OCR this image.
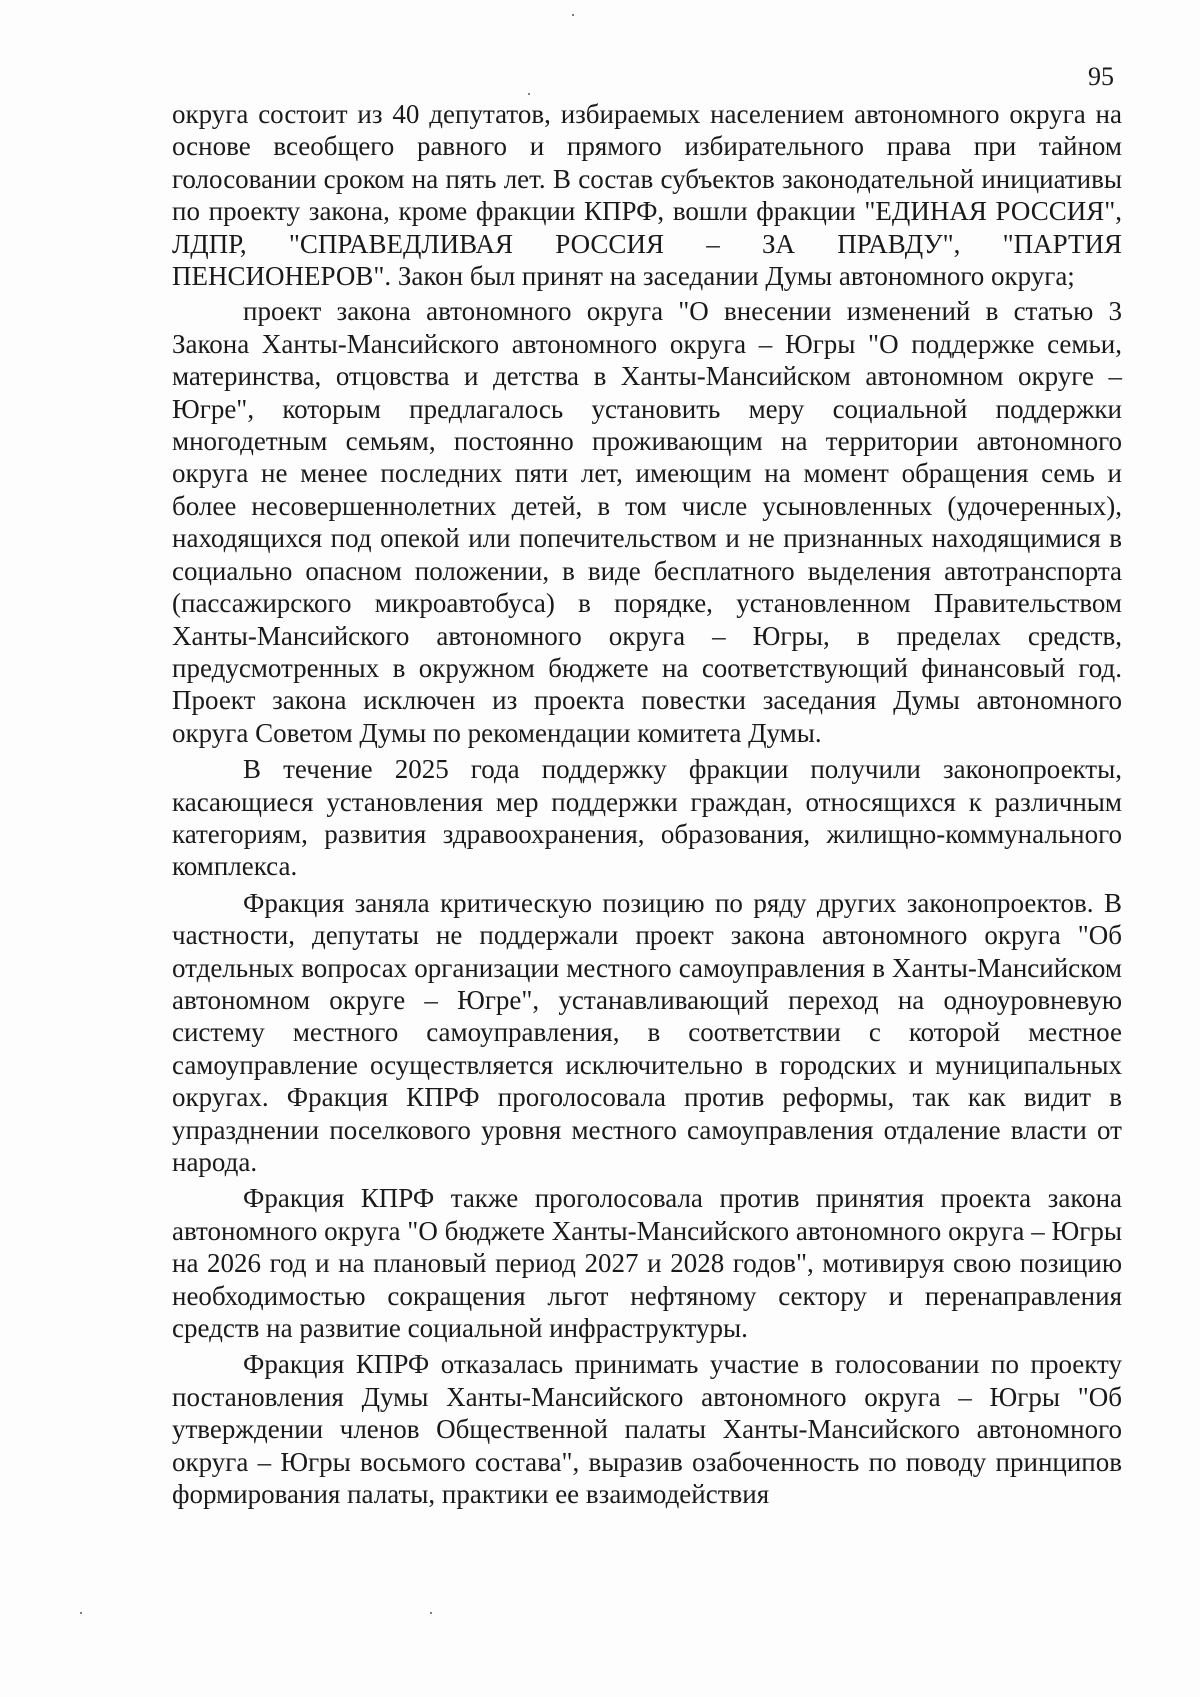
95

округа состоит из 40 депутатов, избираемых населением автономного округа на основе всеобщего равного и прямого избирательного права при тайном голосовании сроком на пять лет. В состав субъектов законодательной инициативы по проекту закона, кроме фракции КПРФ, вошли фракции "ЕДИНАЯ РОССИЯ", ЛДПР, "СПРАВЕДЛИВАЯ РОССИЯ – ЗА ПРАВДУ", "ПАРТИЯ ПЕНСИОНЕРОВ". Закон был принят на заседании Думы автономного округа;

проект закона автономного округа "О внесении изменений в статью 3 Закона Ханты-Мансийского автономного округа – Югры "О поддержке семьи, материнства, отцовства и детства в Ханты-Мансийском автономном округе – Югре", которым предлагалось установить меру социальной поддержки многодетным семьям, постоянно проживающим на территории автономного округа не менее последних пяти лет, имеющим на момент обращения семь и более несовершеннолетних детей, в том числе усыновленных (удочеренных), находящихся под опекой или попечительством и не признанных находящимися в социально опасном положении, в виде бесплатного выделения автотранспорта (пассажирского микроавтобуса) в порядке, установленном Правительством Ханты-Мансийского автономного округа – Югры, в пределах средств, предусмотренных в окружном бюджете на соответствующий финансовый год. Проект закона исключен из проекта повестки заседания Думы автономного округа Советом Думы по рекомендации комитета Думы.

В течение 2025 года поддержку фракции получили законопроекты, касающиеся установления мер поддержки граждан, относящихся к различным категориям, развития здравоохранения, образования, жилищно-коммунального комплекса.

Фракция заняла критическую позицию по ряду других законопроектов. В частности, депутаты не поддержали проект закона автономного округа "Об отдельных вопросах организации местного самоуправления в Ханты-Мансийском автономном округе – Югре", устанавливающий переход на одноуровневую систему местного самоуправления, в соответствии с которой местное самоуправление осуществляется исключительно в городских и муниципальных округах. Фракция КПРФ проголосовала против реформы, так как видит в упразднении поселкового уровня местного самоуправления отдаление власти от народа.

Фракция КПРФ также проголосовала против принятия проекта закона автономного округа "О бюджете Ханты-Мансийского автономного округа – Югры на 2026 год и на плановый период 2027 и 2028 годов", мотивируя свою позицию необходимостью сокращения льгот нефтяному сектору и перенаправления средств на развитие социальной инфраструктуры.

Фракция КПРФ отказалась принимать участие в голосовании по проекту постановления Думы Ханты-Мансийского автономного округа – Югры "Об утверждении членов Общественной палаты Ханты-Мансийского автономного округа – Югры восьмого состава", выразив озабоченность по поводу принципов формирования палаты, практики ее взаимодействия
